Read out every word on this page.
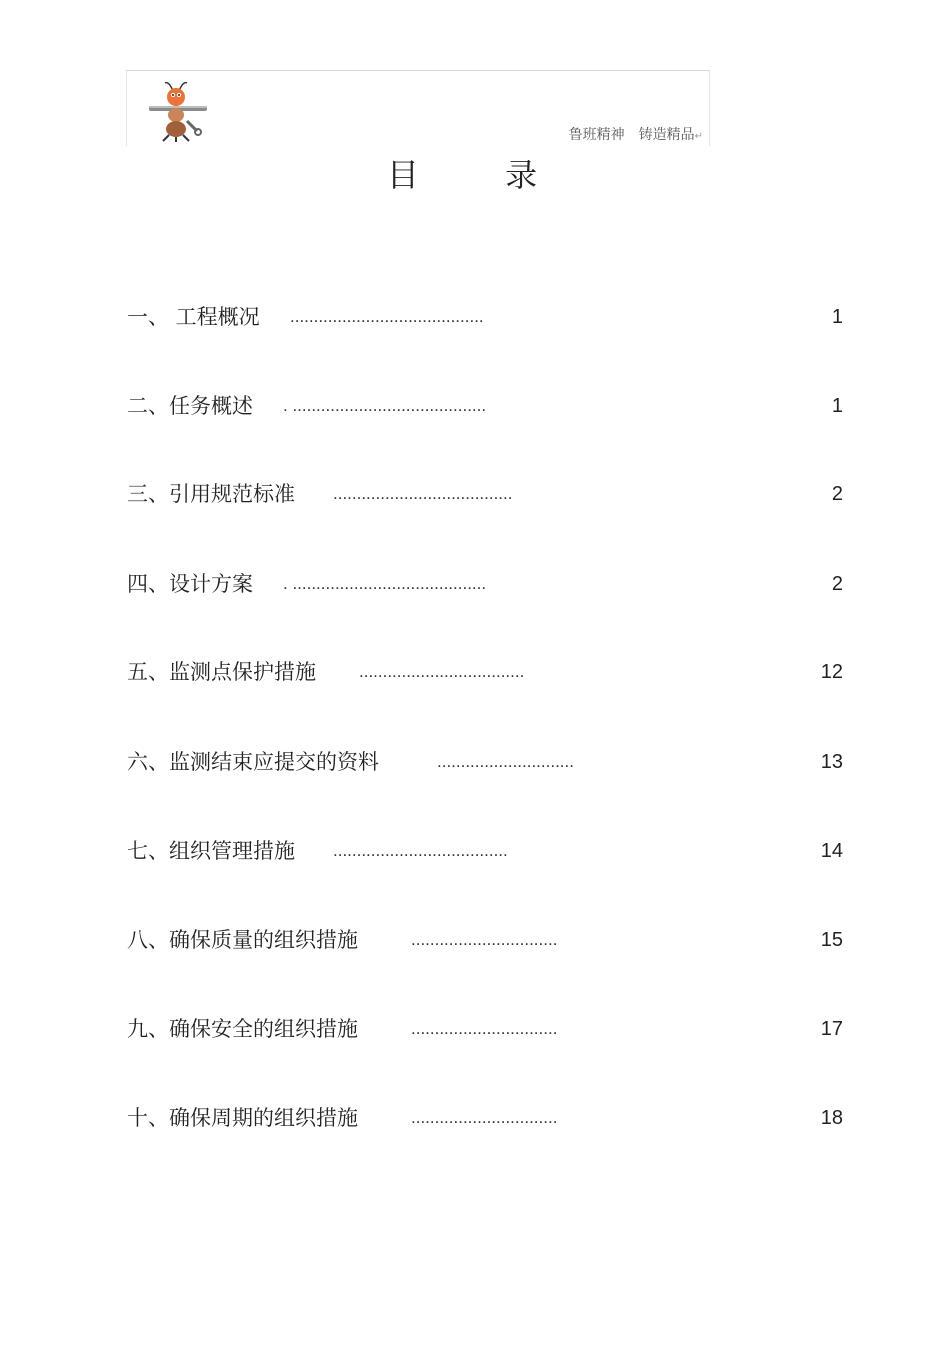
鲁班精神 铸造精品↵
目 录
一、 工程概况 .........................................	1
二、任务概述 . .........................................	1
三、引用规范标准 ......................................	2
四、设计方案 . .........................................	2
五、监测点保护措施	...................................	12
六、监测结束应提交的资料	.............................	13
七、组织管理措施 .....................................	14
八、确保质量的组织措施	...............................	15
九、确保安全的组织措施	...............................	17
十、确保周期的组织措施	...............................	18
